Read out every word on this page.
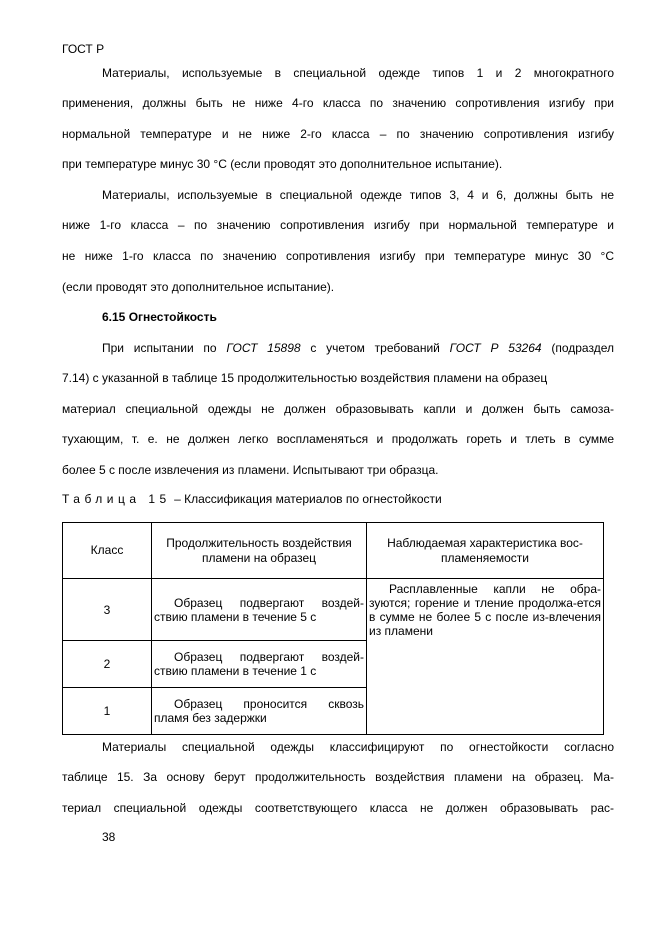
ГОСТ Р
Материалы, используемые в специальной одежде типов 1 и 2 многократного
применения, должны быть не ниже 4-го класса по значению сопротивления изгибу при
нормальной температуре и не ниже 2-го класса – по значению сопротивления изгибу
при температуре минус 30 °С (если проводят это дополнительное испытание).
Материалы, используемые в специальной одежде типов 3, 4 и 6, должны быть не
ниже 1-го класса – по значению сопротивления изгибу при нормальной температуре и
не ниже 1-го класса по значению сопротивления изгибу при температуре минус 30 °С
(если проводят это дополнительное испытание).
6.15 Огнестойкость
При испытании по ГОСТ 15898 с учетом требований ГОСТ Р 53264 (подраздел
7.14) с указанной в таблице 15 продолжительностью воздействия пламени на образец
материал специальной одежды не должен образовывать капли и должен быть самоза-
тухающим, т. е. не должен легко воспламеняться и продолжать гореть и тлеть в сумме
более 5 с после извлечения из пламени. Испытывают три образца.
Таблица 15 – Классификация материалов по огнестойкости
Класс	Продолжительность воздействия пламени на образец	Наблюдаемая характеристика вос-пламеняемости
3	Образец подвергают воздей-ствию пламени в течение 5 с	Расплавленные капли не обра-зуются; горение и тление продолжа-ется в сумме не более 5 с после из-влечения из пламени
2	Образец подвергают воздей-ствию пламени в течение 1 с	
1	Образец проносится сквозь пламя без задержки	
Материалы специальной одежды классифицируют по огнестойкости согласно
таблице 15. За основу берут продолжительность воздействия пламени на образец. Ма-
териал специальной одежды соответствующего класса не должен образовывать рас-
38
